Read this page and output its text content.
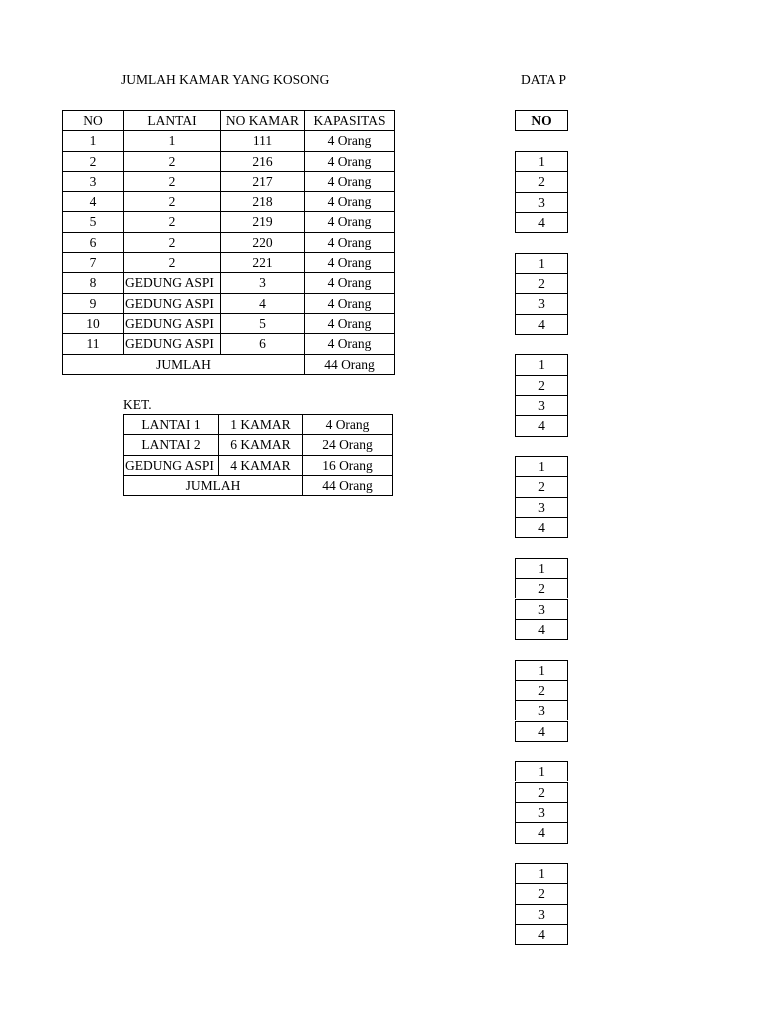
JUMLAH KAMAR YANG KOSONG	DATA P
NO	LANTAI	NO KAMAR	KAPASITAS
1	1	111	4 Orang
2	2	216	4 Orang
3	2	217	4 Orang
4	2	218	4 Orang
5	2	219	4 Orang
6	2	220	4 Orang
7	2	221	4 Orang
8	GEDUNG ASPI	3	4 Orang
9	GEDUNG ASPI	4	4 Orang
10	GEDUNG ASPI	5	4 Orang
11	GEDUNG ASPI	6	4 Orang
JUMLAH	44 Orang
KET.
LANTAI 1	1 KAMAR	4 Orang
LANTAI 2	6 KAMAR	24 Orang
GEDUNG ASPI	4 KAMAR	16 Orang
JUMLAH	44 Orang
NO
1
2
3
4
1
2
3
4
1
2
3
4
1
2
3
4
1
2
3
4
1
2
3
4
1
2
3
4
1
2
3
4
